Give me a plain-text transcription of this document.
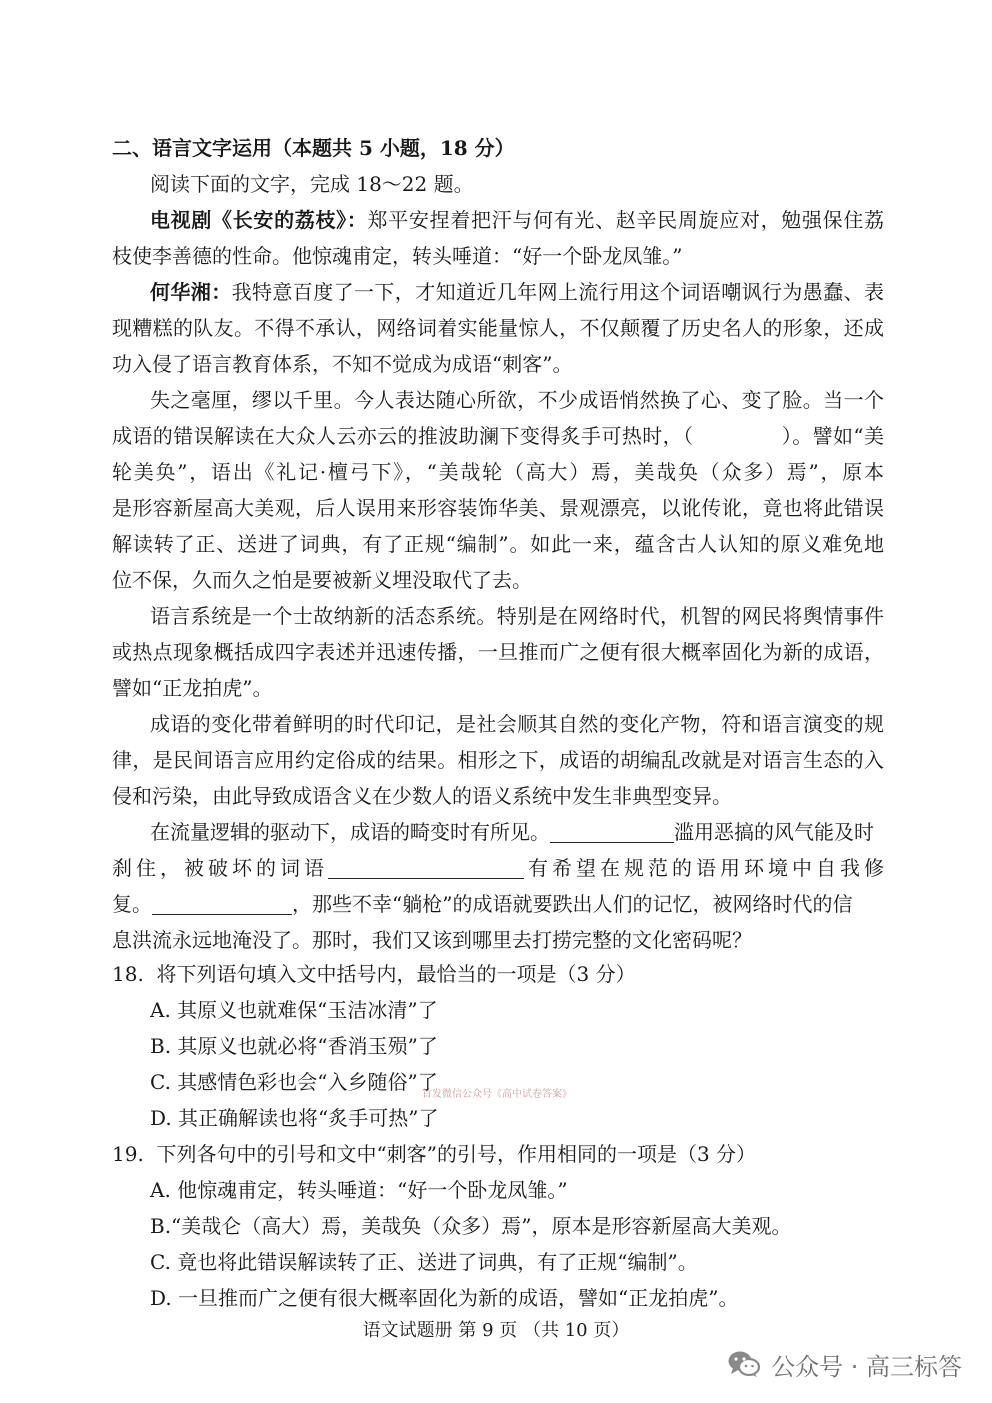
二、语言文字运用（本题共 5 小题，18 分）
阅读下面的文字，完成 18～22 题。
电视剧《长安的荔枝》：郑平安捏着把汗与何有光、赵辛民周旋应对，勉强保住荔
枝使李善德的性命。他惊魂甫定，转头唾道：“好一个卧龙凤雏。”
何华湘：我特意百度了一下，才知道近几年网上流行用这个词语嘲讽行为愚蠢、表
现糟糕的队友。不得不承认，网络词着实能量惊人，不仅颠覆了历史名人的形象，还成
功入侵了语言教育体系，不知不觉成为成语“刺客”。
失之毫厘，缪以千里。今人表达随心所欲，不少成语悄然换了心、变了脸。当一个
成语的错误解读在大众人云亦云的推波助澜下变得炙手可热时，（	）。譬如“美
轮美奂”，语出《礼记·檀弓下》，“美哉轮（高大）焉，美哉奂（众多）焉”，原本
是形容新屋高大美观，后人误用来形容装饰华美、景观漂亮，以讹传讹，竟也将此错误
解读转了正、送进了词典，有了正规“编制”。如此一来，蕴含古人认知的原义难免地
位不保，久而久之怕是要被新义埋没取代了去。
语言系统是一个士故纳新的活态系统。特别是在网络时代，机智的网民将舆情事件
或热点现象概括成四字表述并迅速传播，一旦推而广之便有很大概率固化为新的成语，
譬如“正龙拍虎”。
成语的变化带着鲜明的时代印记，是社会顺其自然的变化产物，符和语言演变的规
律，是民间语言应用约定俗成的结果。相形之下，成语的胡编乱改就是对语言生态的入
侵和污染，由此导致成语含义在少数人的语义系统中发生非典型变异。
在流量逻辑的驱动下，成语的畸变时有所见。	滥用恶搞的风气能及时
刹住，被破坏的词语	有希望在规范的语用环境中自我修
复。	，那些不幸“躺枪”的成语就要跌出人们的记忆，被网络时代的信
息洪流永远地淹没了。那时，我们又该到哪里去打捞完整的文化密码呢？
18. 将下列语句填入文中括号内，最恰当的一项是（3 分）
A. 其原义也就难保“玉洁冰清”了
B. 其原义也就必将“香消玉殒”了
C. 其感情色彩也会“入乡随俗”了
D. 其正确解读也将“炙手可热”了
首发微信公众号《高中试卷答案》
19. 下列各句中的引号和文中“刺客”的引号，作用相同的一项是（3 分）
A. 他惊魂甫定，转头唾道：“好一个卧龙凤雏。”
B.“美哉仑（高大）焉，美哉奂（众多）焉”，原本是形容新屋高大美观。
C. 竟也将此错误解读转了正、送进了词典，有了正规“编制”。
D. 一旦推而广之便有很大概率固化为新的成语，譬如“正龙拍虎”。
语文试题册 第 9 页 （共 10 页）
公众号 · 高三标答
